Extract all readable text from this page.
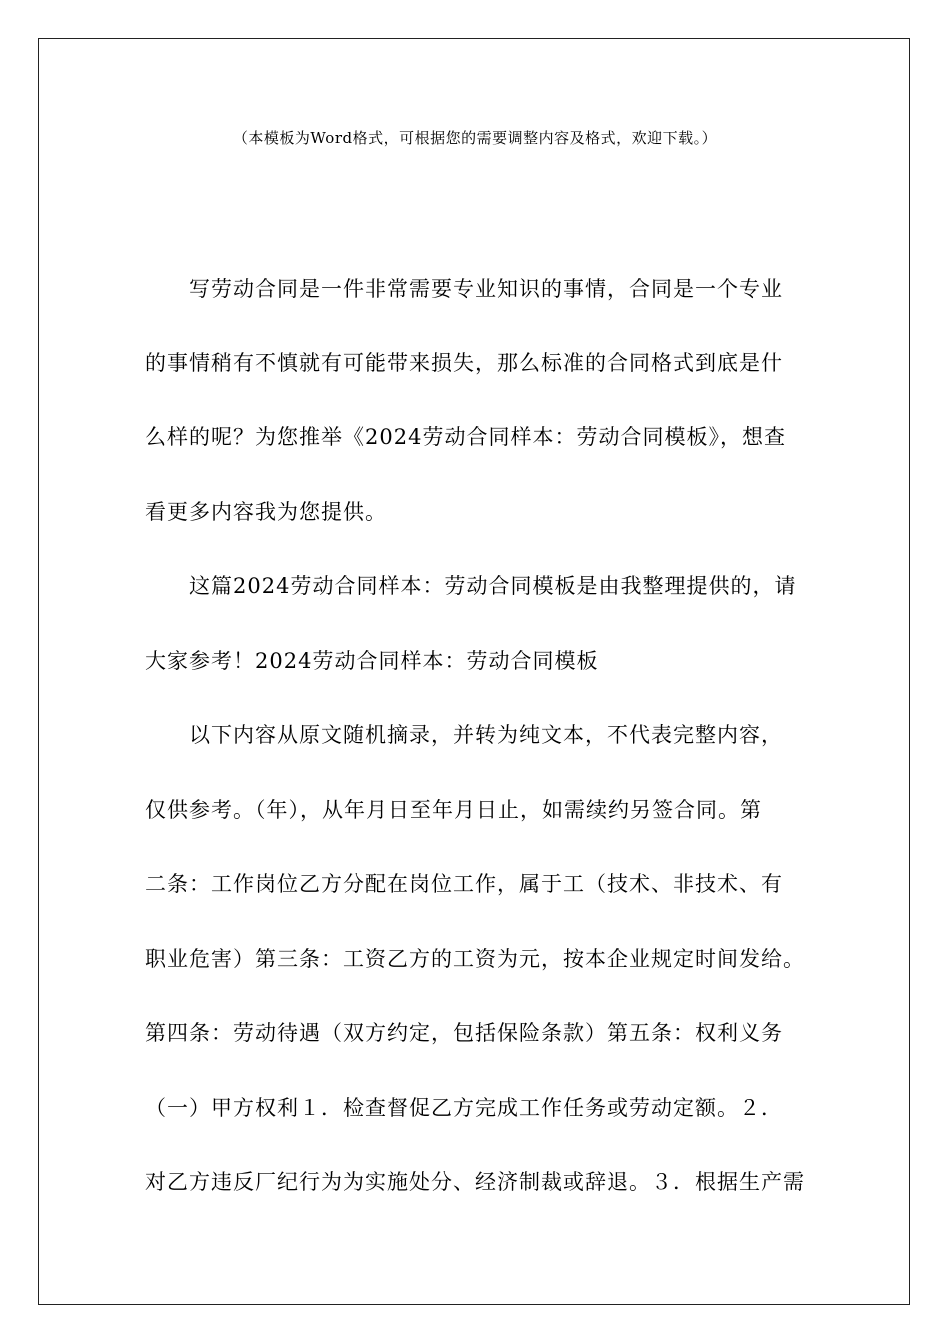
（本模板为Word格式，可根据您的需要调整内容及格式，欢迎下载。）
　　写劳动合同是一件非常需要专业知识的事情，合同是一个专业
的事情稍有不慎就有可能带来损失，那么标准的合同格式到底是什
么样的呢？为您推举《2024劳动合同样本：劳动合同模板》，想查
看更多内容我为您提供。
　　这篇2024劳动合同样本：劳动合同模板是由我整理提供的，请
大家参考！2024劳动合同样本：劳动合同模板
　　以下内容从原文随机摘录，并转为纯文本，不代表完整内容，
仅供参考。（年），从年月日至年月日止，如需续约另签合同。第
二条：工作岗位乙方分配在岗位工作，属于工（技术、非技术、有
职业危害）第三条：工资乙方的工资为元，按本企业规定时间发给。
第四条：劳动待遇（双方约定，包括保险条款）第五条：权利义务
（一）甲方权利１．检查督促乙方完成工作任务或劳动定额。２．
对乙方违反厂纪行为为实施处分、经济制裁或辞退。３．根据生产需
